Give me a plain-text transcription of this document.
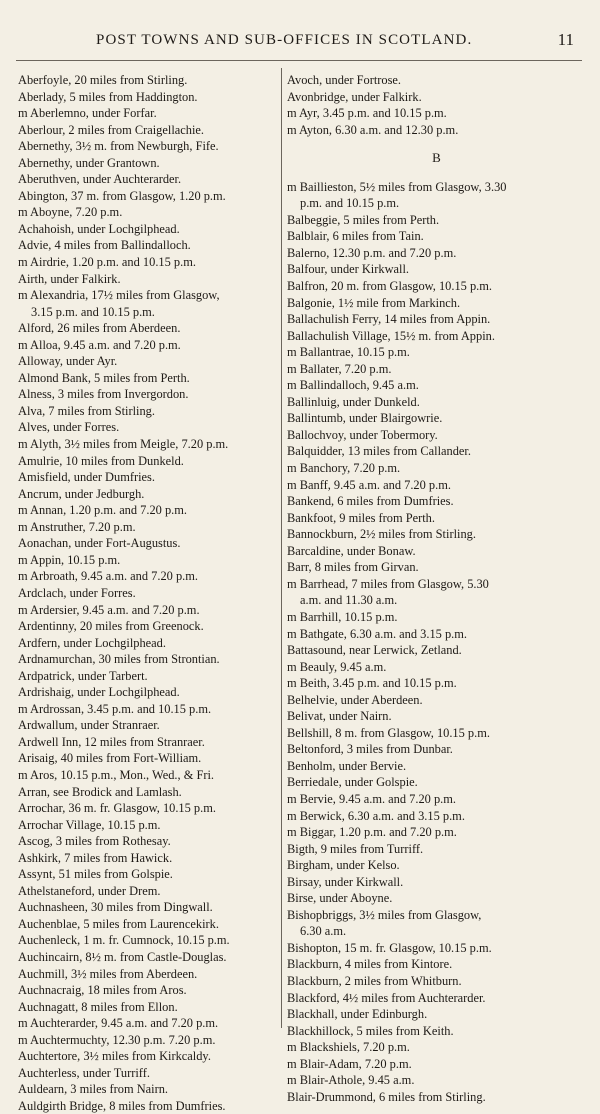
POST TOWNS AND SUB-OFFICES IN SCOTLAND.	11

Aberfoyle, 20 miles from Stirling.

Aberlady, 5 miles from Haddington.

m Aberlemno, under Forfar.

Aberlour, 2 miles from Craigellachie.

Abernethy, 3½ m. from Newburgh, Fife.

Abernethy, under Grantown.

Aberuthven, under Auchterarder.

Abington, 37 m. from Glasgow, 1.20 p.m.

m Aboyne, 7.20 p.m.

Achahoish, under Lochgilphead.

Advie, 4 miles from Ballindalloch.

m Airdrie, 1.20 p.m. and 10.15 p.m.

Airth, under Falkirk.

m Alexandria, 17½ miles from Glasgow,

3.15 p.m. and 10.15 p.m.

Alford, 26 miles from Aberdeen.

m Alloa, 9.45 a.m. and 7.20 p.m.

Alloway, under Ayr.

Almond Bank, 5 miles from Perth.

Alness, 3 miles from Invergordon.

Alva, 7 miles from Stirling.

Alves, under Forres.

m Alyth, 3½ miles from Meigle, 7.20 p.m.

Amulrie, 10 miles from Dunkeld.

Amisfield, under Dumfries.

Ancrum, under Jedburgh.

m Annan, 1.20 p.m. and 7.20 p.m.

m Anstruther, 7.20 p.m.

Aonachan, under Fort-Augustus.

m Appin, 10.15 p.m.

m Arbroath, 9.45 a.m. and 7.20 p.m.

Ardclach, under Forres.

m Ardersier, 9.45 a.m. and 7.20 p.m.

Ardentinny, 20 miles from Greenock.

Ardfern, under Lochgilphead.

Ardnamurchan, 30 miles from Strontian.

Ardpatrick, under Tarbert.

Ardrishaig, under Lochgilphead.

m Ardrossan, 3.45 p.m. and 10.15 p.m.

Ardwallum, under Stranraer.

Ardwell Inn, 12 miles from Stranraer.

Arisaig, 40 miles from Fort-William.

m Aros, 10.15 p.m., Mon., Wed., & Fri.

Arran, see Brodick and Lamlash.

Arrochar, 36 m. fr. Glasgow, 10.15 p.m.

Arrochar Village, 10.15 p.m.

Ascog, 3 miles from Rothesay.

Ashkirk, 7 miles from Hawick.

Assynt, 51 miles from Golspie.

Athelstaneford, under Drem.

Auchnasheen, 30 miles from Dingwall.

Auchenblae, 5 miles from Laurencekirk.

Auchenleck, 1 m. fr. Cumnock, 10.15 p.m.

Auchincairn, 8½ m. from Castle-Douglas.

Auchmill, 3½ miles from Aberdeen.

Auchnacraig, 18 miles from Aros.

Auchnagatt, 8 miles from Ellon.

m Auchterarder, 9.45 a.m. and 7.20 p.m.

m Auchtermuchty, 12.30 p.m. 7.20 p.m.

Auchtertore, 3½ miles from Kirkcaldy.

Auchterless, under Turriff.

Auldearn, 3 miles from Nairn.

Auldgirth Bridge, 8 miles from Dumfries.

Avoch, under Fortrose.

Avonbridge, under Falkirk.

m Ayr, 3.45 p.m. and 10.15 p.m.

m Ayton, 6.30 a.m. and 12.30 p.m.

B

m Baillieston, 5½ miles from Glasgow, 3.30

p.m. and 10.15 p.m.

Balbeggie, 5 miles from Perth.

Balblair, 6 miles from Tain.

Balerno, 12.30 p.m. and 7.20 p.m.

Balfour, under Kirkwall.

Balfron, 20 m. from Glasgow, 10.15 p.m.

Balgonie, 1½ mile from Markinch.

Ballachulish Ferry, 14 miles from Appin.

Ballachulish Village, 15½ m. from Appin.

m Ballantrae, 10.15 p.m.

m Ballater, 7.20 p.m.

m Ballindalloch, 9.45 a.m.

Ballinluig, under Dunkeld.

Ballintumb, under Blairgowrie.

Ballochvoy, under Tobermory.

Balquidder, 13 miles from Callander.

m Banchory, 7.20 p.m.

m Banff, 9.45 a.m. and 7.20 p.m.

Bankend, 6 miles from Dumfries.

Bankfoot, 9 miles from Perth.

Bannockburn, 2½ miles from Stirling.

Barcaldine, under Bonaw.

Barr, 8 miles from Girvan.

m Barrhead, 7 miles from Glasgow, 5.30

a.m. and 11.30 a.m.

m Barrhill, 10.15 p.m.

m Bathgate, 6.30 a.m. and 3.15 p.m.

Battasound, near Lerwick, Zetland.

m Beauly, 9.45 a.m.

m Beith, 3.45 p.m. and 10.15 p.m.

Belhelvie, under Aberdeen.

Belivat, under Nairn.

Bellshill, 8 m. from Glasgow, 10.15 p.m.

Beltonford, 3 miles from Dunbar.

Benholm, under Bervie.

Berriedale, under Golspie.

m Bervie, 9.45 a.m. and 7.20 p.m.

m Berwick, 6.30 a.m. and 3.15 p.m.

m Biggar, 1.20 p.m. and 7.20 p.m.

Bigth, 9 miles from Turriff.

Birgham, under Kelso.

Birsay, under Kirkwall.

Birse, under Aboyne.

Bishopbriggs, 3½ miles from Glasgow,

6.30 a.m.

Bishopton, 15 m. fr. Glasgow, 10.15 p.m.

Blackburn, 4 miles from Kintore.

Blackburn, 2 miles from Whitburn.

Blackford, 4½ miles from Auchterarder.

Blackhall, under Edinburgh.

Blackhillock, 5 miles from Keith.

m Blackshiels, 7.20 p.m.

m Blair-Adam, 7.20 p.m.

m Blair-Athole, 9.45 a.m.

Blair-Drummond, 6 miles from Stirling.
